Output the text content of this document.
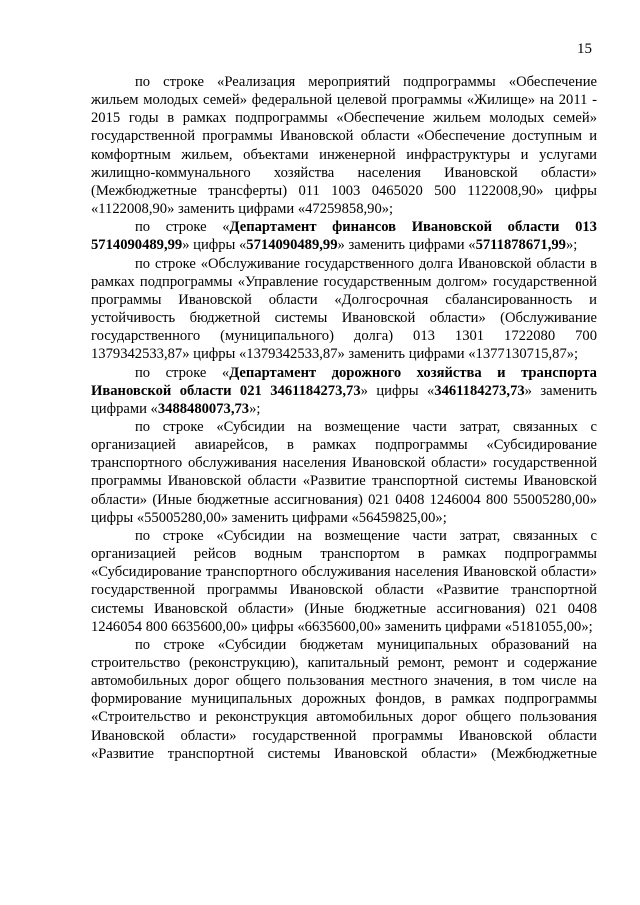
15

по строке «Реализация мероприятий подпрограммы «Обеспечение жильем молодых семей» федеральной целевой программы «Жилище» на 2011 - 2015 годы в рамках подпрограммы «Обеспечение жильем молодых семей» государственной программы Ивановской области «Обеспечение доступным и комфортным жильем, объектами инженерной инфраструктуры и услугами жилищно-коммунального хозяйства населения Ивановской области» (Межбюджетные трансферты) 011 1003 0465020 500 1122008,90» цифры «1122008,90» заменить цифрами «47259858,90»;

по строке «Департамент финансов Ивановской области 013 5714090489,99» цифры «5714090489,99» заменить цифрами «5711878671,99»;

по строке «Обслуживание государственного долга Ивановской области в рамках подпрограммы «Управление государственным долгом» государственной программы Ивановской области «Долгосрочная сбалансированность и устойчивость бюджетной системы Ивановской области» (Обслуживание государственного (муниципального) долга) 013 1301 1722080 700 1379342533,87» цифры «1379342533,87» заменить цифрами «1377130715,87»;

по строке «Департамент дорожного хозяйства и транспорта Ивановской области 021 3461184273,73» цифры «3461184273,73» заменить цифрами «3488480073,73»;

по строке «Субсидии на возмещение части затрат, связанных с организацией авиарейсов, в рамках подпрограммы «Субсидирование транспортного обслуживания населения Ивановской области» государственной программы Ивановской области «Развитие транспортной системы Ивановской области» (Иные бюджетные ассигнования) 021 0408 1246004 800 55005280,00» цифры «55005280,00» заменить цифрами «56459825,00»;

по строке «Субсидии на возмещение части затрат, связанных с организацией рейсов водным транспортом в рамках подпрограммы «Субсидирование транспортного обслуживания населения Ивановской области» государственной программы Ивановской области «Развитие транспортной системы Ивановской области» (Иные бюджетные ассигнования) 021 0408 1246054 800 6635600,00» цифры «6635600,00» заменить цифрами «5181055,00»;

по строке «Субсидии бюджетам муниципальных образований на строительство (реконструкцию), капитальный ремонт, ремонт и содержание автомобильных дорог общего пользования местного значения, в том числе на формирование муниципальных дорожных фондов, в рамках подпрограммы «Строительство и реконструкция автомобильных дорог общего пользования Ивановской области» государственной программы Ивановской области «Развитие транспортной системы Ивановской области» (Межбюджетные
